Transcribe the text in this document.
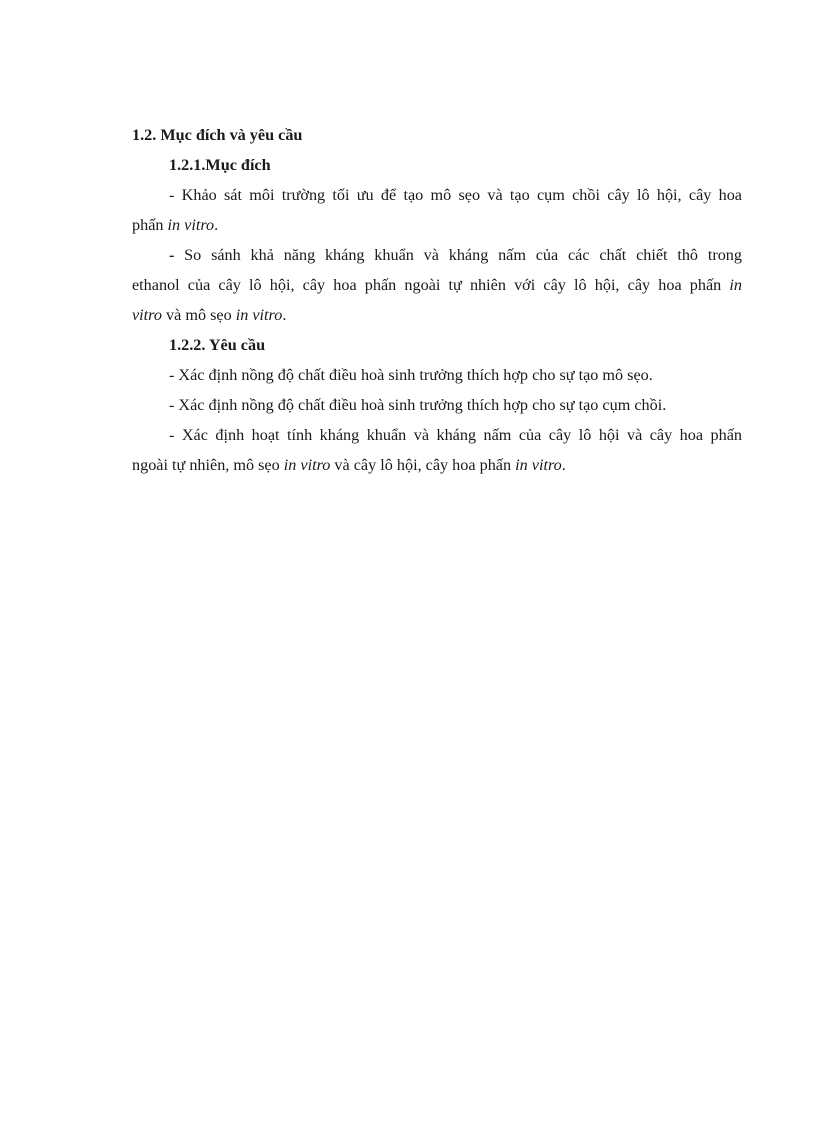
1.2. Mục đích và yêu cầu
1.2.1.Mục đích
- Khảo sát môi trường tối ưu để tạo mô sẹo và tạo cụm chồi cây lô hội, cây hoa
phấn in vitro.
- So sánh khả năng kháng khuẩn và kháng nấm của các chất chiết thô trong
ethanol của cây lô hội, cây hoa phấn ngoài tự nhiên với cây lô hội, cây hoa phấn in
vitro và mô sẹo in vitro.
1.2.2. Yêu cầu
- Xác định nồng độ chất điều hoà sinh trưởng thích hợp cho sự tạo mô sẹo.
- Xác định nồng độ chất điều hoà sinh trưởng thích hợp cho sự tạo cụm chồi.
- Xác định hoạt tính kháng khuẩn và kháng nấm của cây lô hội và cây hoa phấn
ngoài tự nhiên, mô sẹo in vitro và cây lô hội, cây hoa phấn in vitro.
